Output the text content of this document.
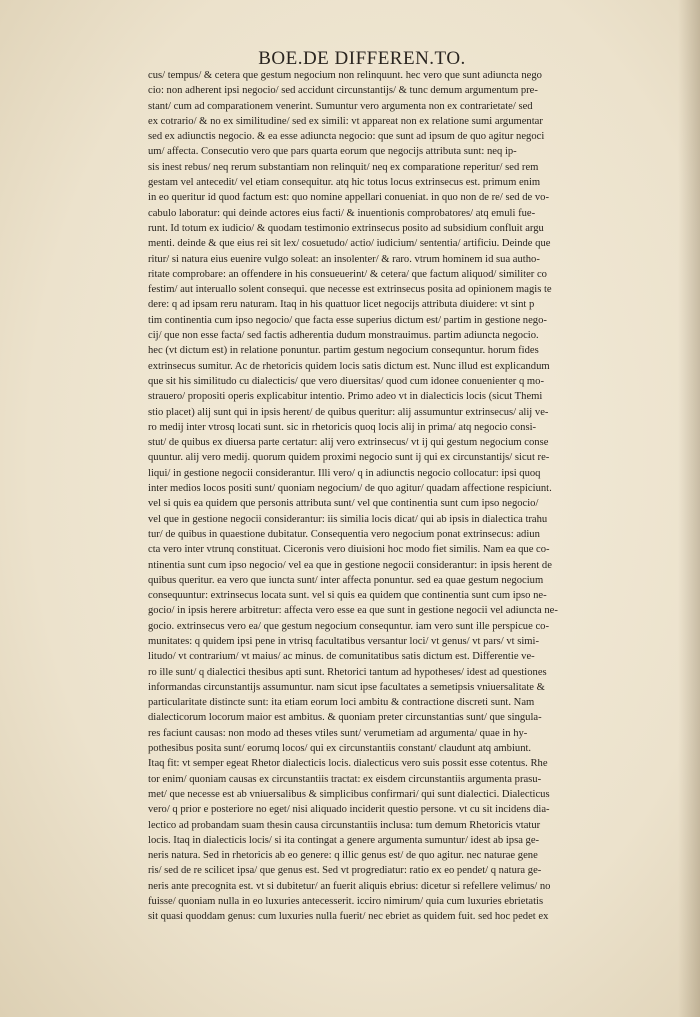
BOE.DE DIFFEREN.TO.
cus/ tempus/ & cetera que gestum negocium non relinquunt. hec vero que sunt adiuncta nego
cio: non adherent ipsi negocio/ sed accidunt circunstantijs/ & tunc demum argumentum pre-
stant/ cum ad comparationem venerint. Sumuntur vero argumenta non ex contrarietate/ sed
ex cotrario/ & no ex similitudine/ sed ex simili: vt appareat non ex relatione sumi argumentar
sed ex adiunctis negocio. & ea esse adiuncta negocio: que sunt ad ipsum de quo agitur negoci
um/ affecta. Consecutio vero que pars quarta eorum que negocijs attributa sunt: neq ip-
sis inest rebus/ neq rerum substantiam non relinquit/ neq ex comparatione reperitur/ sed rem
gestam vel antecedit/ vel etiam consequitur. atq hic totus locus extrinsecus est. primum enim
in eo queritur id quod factum est: quo nomine appellari conueniat. in quo non de re/ sed de vo-
cabulo laboratur: qui deinde actores eius facti/ & inuentionis comprobatores/ atq emuli fue-
runt. Id totum ex iudicio/ & quodam testimonio extrinsecus posito ad subsidium confluit argu
menti. deinde & que eius rei sit lex/ cosuetudo/ actio/ iudicium/ sententia/ artificiu. Deinde que
ritur/ si natura eius euenire vulgo soleat: an insolenter/ & raro. vtrum hominem id sua autho-
ritate comprobare: an offendere in his consueuerint/ & cetera/ que factum aliquod/ similiter co
festim/ aut interuallo solent consequi. que necesse est extrinsecus posita ad opinionem magis te
dere: q ad ipsam reru naturam. Itaq in his quattuor licet negocijs attributa diuidere: vt sint p
tim continentia cum ipso negocio/ que facta esse superius dictum est/ partim in gestione nego-
cij/ que non esse facta/ sed factis adherentia dudum monstrauimus. partim adiuncta negocio.
hec (vt dictum est) in relatione ponuntur. partim gestum negocium consequntur. horum fides
extrinsecus sumitur. Ac de rhetoricis quidem locis satis dictum est. Nunc illud est explicandum
que sit his similitudo cu dialecticis/ que vero diuersitas/ quod cum idonee conuenienter q mo-
strauero/ propositi operis explicabitur intentio. Primo adeo vt in dialecticis locis (sicut Themi
stio placet) alij sunt qui in ipsis herent/ de quibus queritur: alij assumuntur extrinsecus/ alij ve-
ro medij inter vtrosq locati sunt. sic in rhetoricis quoq locis alij in prima/ atq negocio consi-
stut/ de quibus ex diuersa parte certatur: alij vero extrinsecus/ vt ij qui gestum negocium conse
quuntur. alij vero medij. quorum quidem proximi negocio sunt ij qui ex circunstantijs/ sicut re-
liqui/ in gestione negocii considerantur. Illi vero/ q in adiunctis negocio collocatur: ipsi quoq
inter medios locos positi sunt/ quoniam negocium/ de quo agitur/ quadam affectione respiciunt.
vel si quis ea quidem que personis attributa sunt/ vel que continentia sunt cum ipso negocio/
vel que in gestione negocii considerantur: iis similia locis dicat/ qui ab ipsis in dialectica trahu
tur/ de quibus in quaestione dubitatur. Consequentia vero negocium ponat extrinsecus: adiun
cta vero inter vtrunq constituat. Ciceronis vero diuisioni hoc modo fiet similis. Nam ea que co-
ntinentia sunt cum ipso negocio/ vel ea que in gestione negocii considerantur: in ipsis herent de
quibus queritur. ea vero que iuncta sunt/ inter affecta ponuntur. sed ea quae gestum negocium
consequuntur: extrinsecus locata sunt. vel si quis ea quidem que continentia sunt cum ipso ne-
gocio/ in ipsis herere arbitretur: affecta vero esse ea que sunt in gestione negocii vel adiuncta ne-
gocio. extrinsecus vero ea/ que gestum negocium consequntur. iam vero sunt ille perspicue co-
munitates: q quidem ipsi pene in vtrisq facultatibus versantur loci/ vt genus/ vt pars/ vt simi-
litudo/ vt contrarium/ vt maius/ ac minus. de comunitatibus satis dictum est. Differentie ve-
ro ille sunt/ q dialectici thesibus apti sunt. Rhetorici tantum ad hypotheses/ idest ad questiones
informandas circunstantijs assumuntur. nam sicut ipse facultates a semetipsis vniuersalitate &
particularitate distincte sunt: ita etiam eorum loci ambitu & contractione discreti sunt. Nam
dialecticorum locorum maior est ambitus. & quoniam preter circunstantias sunt/ que singula-
res faciunt causas: non modo ad theses vtiles sunt/ verumetiam ad argumenta/ quae in hy-
pothesibus posita sunt/ eorumq locos/ qui ex circunstantiis constant/ claudunt atq ambiunt.
Itaq fit: vt semper egeat Rhetor dialecticis locis. dialecticus vero suis possit esse cotentus. Rhe
tor enim/ quoniam causas ex circunstantiis tractat: ex eisdem circunstantiis argumenta prasu-
met/ que necesse est ab vniuersalibus & simplicibus confirmari/ qui sunt dialectici. Dialecticus
vero/ q prior e posteriore no eget/ nisi aliquado inciderit questio persone. vt cu sit incidens dia-
lectico ad probandam suam thesin causa circunstantiis inclusa: tum demum Rhetoricis vtatur
locis. Itaq in dialecticis locis/ si ita contingat a genere argumenta sumuntur/ idest ab ipsa ge-
neris natura. Sed in rhetoricis ab eo genere: q illic genus est/ de quo agitur. nec naturae gene
ris/ sed de re scilicet ipsa/ que genus est. Sed vt progrediatur: ratio ex eo pendet/ q natura ge-
neris ante precognita est. vt si dubitetur/ an fuerit aliquis ebrius: dicetur si refellere velimus/ no
fuisse/ quoniam nulla in eo luxuries antecesserit. icciro nimirum/ quia cum luxuries ebrietatis
sit quasi quoddam genus: cum luxuries nulla fuerit/ nec ebriet as quidem fuit. sed hoc pedet ex
